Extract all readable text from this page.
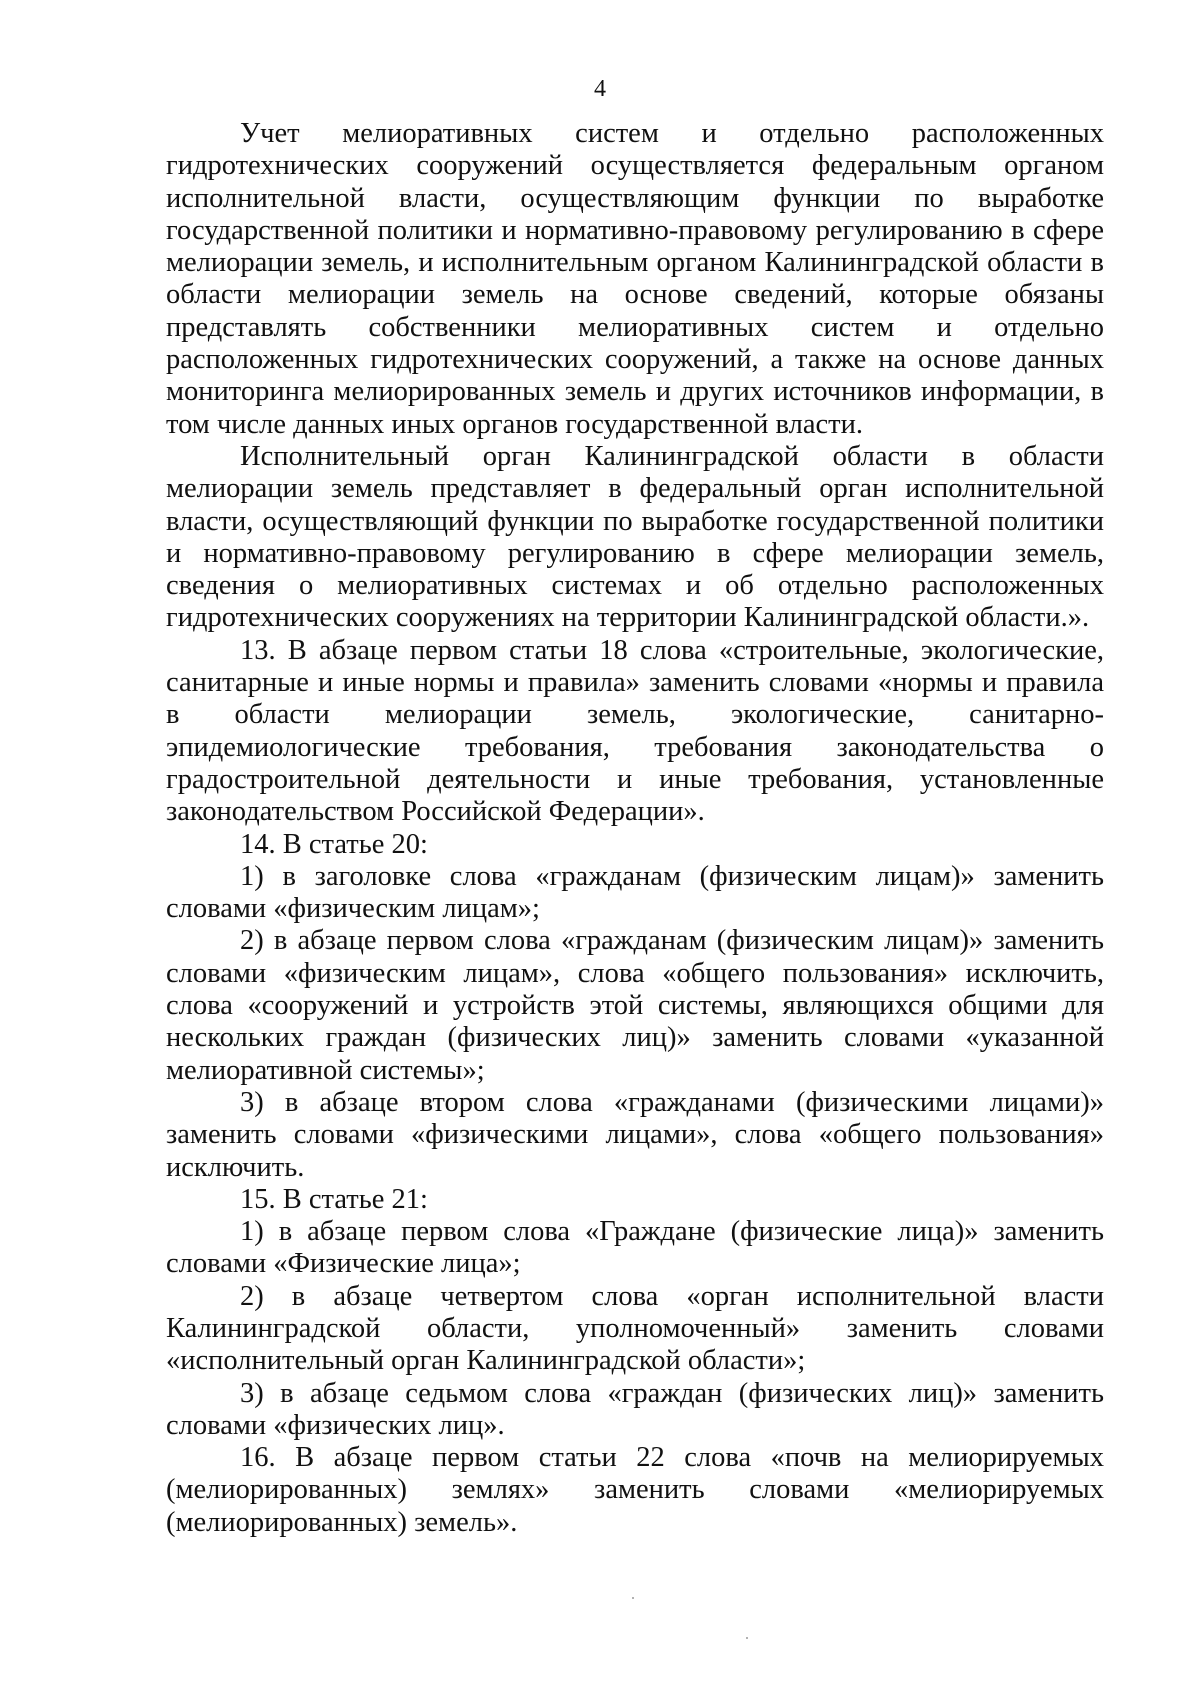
4

Учет мелиоративных систем и отдельно расположенных гидротехнических сооружений осуществляется федеральным органом исполнительной власти, осуществляющим функции по выработке государственной политики и нормативно-правовому регулированию в сфере мелиорации земель, и исполнительным органом Калининградской области в области мелиорации земель на основе сведений, которые обязаны представлять собственники мелиоративных систем и отдельно расположенных гидротехнических сооружений, а также на основе данных мониторинга мелиорированных земель и других источников информации, в том числе данных иных органов государственной власти.

Исполнительный орган Калининградской области в области мелиорации земель представляет в федеральный орган исполнительной власти, осуществляющий функции по выработке государственной политики и нормативно-правовому регулированию в сфере мелиорации земель, сведения о мелиоративных системах и об отдельно расположенных гидротехнических сооружениях на территории Калининградской области.».

13. В абзаце первом статьи 18 слова «строительные, экологические, санитарные и иные нормы и правила» заменить словами «нормы и правила в области мелиорации земель, экологические, санитарно-эпидемиологические требования, требования законодательства о градостроительной деятельности и иные требования, установленные законодательством Российской Федерации».

14. В статье 20:

1) в заголовке слова «гражданам (физическим лицам)» заменить словами «физическим лицам»;

2) в абзаце первом слова «гражданам (физическим лицам)» заменить словами «физическим лицам», слова «общего пользования» исключить, слова «сооружений и устройств этой системы, являющихся общими для нескольких граждан (физических лиц)» заменить словами «указанной мелиоративной системы»;

3) в абзаце втором слова «гражданами (физическими лицами)» заменить словами «физическими лицами», слова «общего пользования» исключить.

15. В статье 21:

1) в абзаце первом слова «Граждане (физические лица)» заменить словами «Физические лица»;

2) в абзаце четвертом слова «орган исполнительной власти Калининградской области, уполномоченный» заменить словами «исполнительный орган Калининградской области»;

3) в абзаце седьмом слова «граждан (физических лиц)» заменить словами «физических лиц».

16. В абзаце первом статьи 22 слова «почв на мелиорируемых (мелиорированных) землях» заменить словами «мелиорируемых (мелиорированных) земель».
